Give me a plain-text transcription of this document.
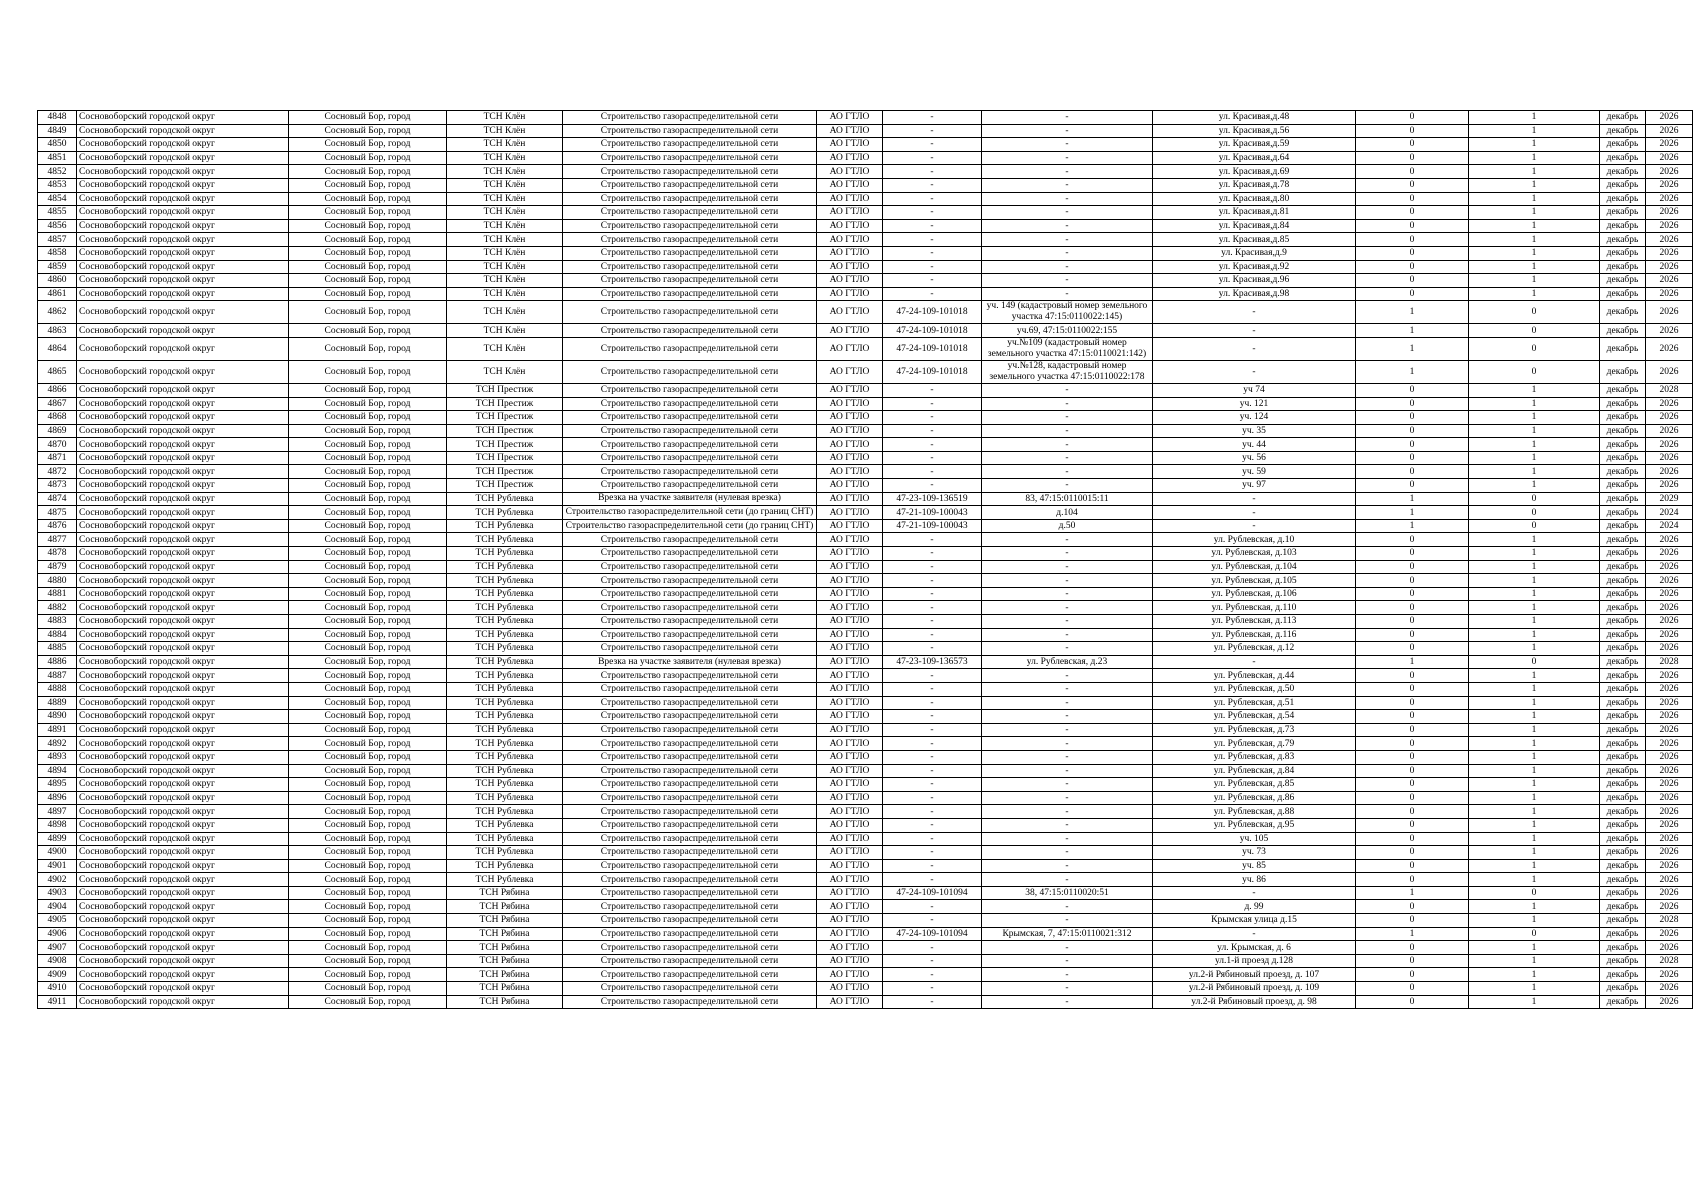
4848	Сосновоборский городской округ	Сосновый Бор, город	ТСН Клён	Строительство газораспределительной сети	АО ГТЛО	-	-	ул. Красивая,д.48	0	1	декабрь	2026
4849	Сосновоборский городской округ	Сосновый Бор, город	ТСН Клён	Строительство газораспределительной сети	АО ГТЛО	-	-	ул. Красивая,д.56	0	1	декабрь	2026
4850	Сосновоборский городской округ	Сосновый Бор, город	ТСН Клён	Строительство газораспределительной сети	АО ГТЛО	-	-	ул. Красивая,д.59	0	1	декабрь	2026
4851	Сосновоборский городской округ	Сосновый Бор, город	ТСН Клён	Строительство газораспределительной сети	АО ГТЛО	-	-	ул. Красивая,д.64	0	1	декабрь	2026
4852	Сосновоборский городской округ	Сосновый Бор, город	ТСН Клён	Строительство газораспределительной сети	АО ГТЛО	-	-	ул. Красивая,д.69	0	1	декабрь	2026
4853	Сосновоборский городской округ	Сосновый Бор, город	ТСН Клён	Строительство газораспределительной сети	АО ГТЛО	-	-	ул. Красивая,д.78	0	1	декабрь	2026
4854	Сосновоборский городской округ	Сосновый Бор, город	ТСН Клён	Строительство газораспределительной сети	АО ГТЛО	-	-	ул. Красивая,д.80	0	1	декабрь	2026
4855	Сосновоборский городской округ	Сосновый Бор, город	ТСН Клён	Строительство газораспределительной сети	АО ГТЛО	-	-	ул. Красивая,д.81	0	1	декабрь	2026
4856	Сосновоборский городской округ	Сосновый Бор, город	ТСН Клён	Строительство газораспределительной сети	АО ГТЛО	-	-	ул. Красивая,д.84	0	1	декабрь	2026
4857	Сосновоборский городской округ	Сосновый Бор, город	ТСН Клён	Строительство газораспределительной сети	АО ГТЛО	-	-	ул. Красивая,д.85	0	1	декабрь	2026
4858	Сосновоборский городской округ	Сосновый Бор, город	ТСН Клён	Строительство газораспределительной сети	АО ГТЛО	-	-	ул. Красивая,д.9	0	1	декабрь	2026
4859	Сосновоборский городской округ	Сосновый Бор, город	ТСН Клён	Строительство газораспределительной сети	АО ГТЛО	-	-	ул. Красивая,д.92	0	1	декабрь	2026
4860	Сосновоборский городской округ	Сосновый Бор, город	ТСН Клён	Строительство газораспределительной сети	АО ГТЛО	-	-	ул. Красивая,д.96	0	1	декабрь	2026
4861	Сосновоборский городской округ	Сосновый Бор, город	ТСН Клён	Строительство газораспределительной сети	АО ГТЛО	-	-	ул. Красивая,д.98	0	1	декабрь	2026
4862	Сосновоборский городской округ	Сосновый Бор, город	ТСН Клён	Строительство газораспределительной сети	АО ГТЛО	47-24-109-101018	уч. 149 (кадастровый номер земельного участка 47:15:0110022:145)	-	1	0	декабрь	2026
4863	Сосновоборский городской округ	Сосновый Бор, город	ТСН Клён	Строительство газораспределительной сети	АО ГТЛО	47-24-109-101018	уч.69, 47:15:0110022:155	-	1	0	декабрь	2026
4864	Сосновоборский городской округ	Сосновый Бор, город	ТСН Клён	Строительство газораспределительной сети	АО ГТЛО	47-24-109-101018	уч.№109 (кадастровый номер земельного участка 47:15:0110021:142)	-	1	0	декабрь	2026
4865	Сосновоборский городской округ	Сосновый Бор, город	ТСН Клён	Строительство газораспределительной сети	АО ГТЛО	47-24-109-101018	уч.№128, кадастровый номер земельного участка 47:15:0110022:178	-	1	0	декабрь	2026
4866	Сосновоборский городской округ	Сосновый Бор, город	ТСН Престиж	Строительство газораспределительной сети	АО ГТЛО	-	-	уч 74	0	1	декабрь	2028
4867	Сосновоборский городской округ	Сосновый Бор, город	ТСН Престиж	Строительство газораспределительной сети	АО ГТЛО	-	-	уч. 121	0	1	декабрь	2026
4868	Сосновоборский городской округ	Сосновый Бор, город	ТСН Престиж	Строительство газораспределительной сети	АО ГТЛО	-	-	уч. 124	0	1	декабрь	2026
4869	Сосновоборский городской округ	Сосновый Бор, город	ТСН Престиж	Строительство газораспределительной сети	АО ГТЛО	-	-	уч. 35	0	1	декабрь	2026
4870	Сосновоборский городской округ	Сосновый Бор, город	ТСН Престиж	Строительство газораспределительной сети	АО ГТЛО	-	-	уч. 44	0	1	декабрь	2026
4871	Сосновоборский городской округ	Сосновый Бор, город	ТСН Престиж	Строительство газораспределительной сети	АО ГТЛО	-	-	уч. 56	0	1	декабрь	2026
4872	Сосновоборский городской округ	Сосновый Бор, город	ТСН Престиж	Строительство газораспределительной сети	АО ГТЛО	-	-	уч. 59	0	1	декабрь	2026
4873	Сосновоборский городской округ	Сосновый Бор, город	ТСН Престиж	Строительство газораспределительной сети	АО ГТЛО	-	-	уч. 97	0	1	декабрь	2026
4874	Сосновоборский городской округ	Сосновый Бор, город	ТСН Рублевка	Врезка на участке заявителя (нулевая врезка)	АО ГТЛО	47-23-109-136519	83, 47:15:0110015:11	-	1	0	декабрь	2029
4875	Сосновоборский городской округ	Сосновый Бор, город	ТСН Рублевка	Строительство газораспределительной сети (до границ СНТ)	АО ГТЛО	47-21-109-100043	д.104	-	1	0	декабрь	2024
4876	Сосновоборский городской округ	Сосновый Бор, город	ТСН Рублевка	Строительство газораспределительной сети (до границ СНТ)	АО ГТЛО	47-21-109-100043	д.50	-	1	0	декабрь	2024
4877	Сосновоборский городской округ	Сосновый Бор, город	ТСН Рублевка	Строительство газораспределительной сети	АО ГТЛО	-	-	ул. Рублевская, д.10	0	1	декабрь	2026
4878	Сосновоборский городской округ	Сосновый Бор, город	ТСН Рублевка	Строительство газораспределительной сети	АО ГТЛО	-	-	ул. Рублевская, д.103	0	1	декабрь	2026
4879	Сосновоборский городской округ	Сосновый Бор, город	ТСН Рублевка	Строительство газораспределительной сети	АО ГТЛО	-	-	ул. Рублевская, д.104	0	1	декабрь	2026
4880	Сосновоборский городской округ	Сосновый Бор, город	ТСН Рублевка	Строительство газораспределительной сети	АО ГТЛО	-	-	ул. Рублевская, д.105	0	1	декабрь	2026
4881	Сосновоборский городской округ	Сосновый Бор, город	ТСН Рублевка	Строительство газораспределительной сети	АО ГТЛО	-	-	ул. Рублевская, д.106	0	1	декабрь	2026
4882	Сосновоборский городской округ	Сосновый Бор, город	ТСН Рублевка	Строительство газораспределительной сети	АО ГТЛО	-	-	ул. Рублевская, д.110	0	1	декабрь	2026
4883	Сосновоборский городской округ	Сосновый Бор, город	ТСН Рублевка	Строительство газораспределительной сети	АО ГТЛО	-	-	ул. Рублевская, д.113	0	1	декабрь	2026
4884	Сосновоборский городской округ	Сосновый Бор, город	ТСН Рублевка	Строительство газораспределительной сети	АО ГТЛО	-	-	ул. Рублевская, д.116	0	1	декабрь	2026
4885	Сосновоборский городской округ	Сосновый Бор, город	ТСН Рублевка	Строительство газораспределительной сети	АО ГТЛО	-	-	ул. Рублевская, д.12	0	1	декабрь	2026
4886	Сосновоборский городской округ	Сосновый Бор, город	ТСН Рублевка	Врезка на участке заявителя (нулевая врезка)	АО ГТЛО	47-23-109-136573	ул. Рублевская, д.23	-	1	0	декабрь	2028
4887	Сосновоборский городской округ	Сосновый Бор, город	ТСН Рублевка	Строительство газораспределительной сети	АО ГТЛО	-	-	ул. Рублевская, д.44	0	1	декабрь	2026
4888	Сосновоборский городской округ	Сосновый Бор, город	ТСН Рублевка	Строительство газораспределительной сети	АО ГТЛО	-	-	ул. Рублевская, д.50	0	1	декабрь	2026
4889	Сосновоборский городской округ	Сосновый Бор, город	ТСН Рублевка	Строительство газораспределительной сети	АО ГТЛО	-	-	ул. Рублевская, д.51	0	1	декабрь	2026
4890	Сосновоборский городской округ	Сосновый Бор, город	ТСН Рублевка	Строительство газораспределительной сети	АО ГТЛО	-	-	ул. Рублевская, д.54	0	1	декабрь	2026
4891	Сосновоборский городской округ	Сосновый Бор, город	ТСН Рублевка	Строительство газораспределительной сети	АО ГТЛО	-	-	ул. Рублевская, д.73	0	1	декабрь	2026
4892	Сосновоборский городской округ	Сосновый Бор, город	ТСН Рублевка	Строительство газораспределительной сети	АО ГТЛО	-	-	ул. Рублевская, д.79	0	1	декабрь	2026
4893	Сосновоборский городской округ	Сосновый Бор, город	ТСН Рублевка	Строительство газораспределительной сети	АО ГТЛО	-	-	ул. Рублевская, д.83	0	1	декабрь	2026
4894	Сосновоборский городской округ	Сосновый Бор, город	ТСН Рублевка	Строительство газораспределительной сети	АО ГТЛО	-	-	ул. Рублевская, д.84	0	1	декабрь	2026
4895	Сосновоборский городской округ	Сосновый Бор, город	ТСН Рублевка	Строительство газораспределительной сети	АО ГТЛО	-	-	ул. Рублевская, д.85	0	1	декабрь	2026
4896	Сосновоборский городской округ	Сосновый Бор, город	ТСН Рублевка	Строительство газораспределительной сети	АО ГТЛО	-	-	ул. Рублевская, д.86	0	1	декабрь	2026
4897	Сосновоборский городской округ	Сосновый Бор, город	ТСН Рублевка	Строительство газораспределительной сети	АО ГТЛО	-	-	ул. Рублевская, д.88	0	1	декабрь	2026
4898	Сосновоборский городской округ	Сосновый Бор, город	ТСН Рублевка	Строительство газораспределительной сети	АО ГТЛО	-	-	ул. Рублевская, д.95	0	1	декабрь	2026
4899	Сосновоборский городской округ	Сосновый Бор, город	ТСН Рублевка	Строительство газораспределительной сети	АО ГТЛО	-	-	уч. 105	0	1	декабрь	2026
4900	Сосновоборский городской округ	Сосновый Бор, город	ТСН Рублевка	Строительство газораспределительной сети	АО ГТЛО	-	-	уч. 73	0	1	декабрь	2026
4901	Сосновоборский городской округ	Сосновый Бор, город	ТСН Рублевка	Строительство газораспределительной сети	АО ГТЛО	-	-	уч. 85	0	1	декабрь	2026
4902	Сосновоборский городской округ	Сосновый Бор, город	ТСН Рублевка	Строительство газораспределительной сети	АО ГТЛО	-	-	уч. 86	0	1	декабрь	2026
4903	Сосновоборский городской округ	Сосновый Бор, город	ТСН Рябина	Строительство газораспределительной сети	АО ГТЛО	47-24-109-101094	38, 47:15:0110020:51	-	1	0	декабрь	2026
4904	Сосновоборский городской округ	Сосновый Бор, город	ТСН Рябина	Строительство газораспределительной сети	АО ГТЛО	-	-	д. 99	0	1	декабрь	2026
4905	Сосновоборский городской округ	Сосновый Бор, город	ТСН Рябина	Строительство газораспределительной сети	АО ГТЛО	-	-	Крымская улица д.15	0	1	декабрь	2028
4906	Сосновоборский городской округ	Сосновый Бор, город	ТСН Рябина	Строительство газораспределительной сети	АО ГТЛО	47-24-109-101094	Крымская, 7, 47:15:0110021:312	-	1	0	декабрь	2026
4907	Сосновоборский городской округ	Сосновый Бор, город	ТСН Рябина	Строительство газораспределительной сети	АО ГТЛО	-	-	ул. Крымская, д. 6	0	1	декабрь	2026
4908	Сосновоборский городской округ	Сосновый Бор, город	ТСН Рябина	Строительство газораспределительной сети	АО ГТЛО	-	-	ул.1-й проезд д.128	0	1	декабрь	2028
4909	Сосновоборский городской округ	Сосновый Бор, город	ТСН Рябина	Строительство газораспределительной сети	АО ГТЛО	-	-	ул.2-й Рябиновый проезд, д. 107	0	1	декабрь	2026
4910	Сосновоборский городской округ	Сосновый Бор, город	ТСН Рябина	Строительство газораспределительной сети	АО ГТЛО	-	-	ул.2-й Рябиновый проезд, д. 109	0	1	декабрь	2026
4911	Сосновоборский городской округ	Сосновый Бор, город	ТСН Рябина	Строительство газораспределительной сети	АО ГТЛО	-	-	ул.2-й Рябиновый проезд, д. 98	0	1	декабрь	2026
